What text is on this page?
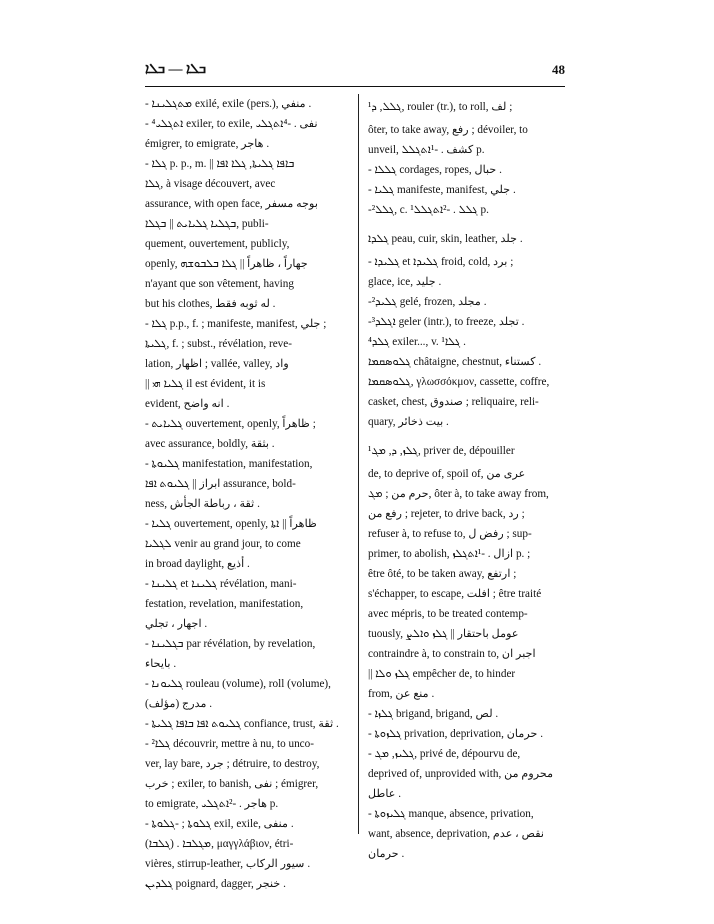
ܒܠܐ — ܒܠܐ	48
- ܡܬܓܠܝܢܐ exilé, exile (pers.), منفي .
- ⁴ܐܬܓܠܝ exiler, to exile, نفى . -⁴ܐܬܓܠܝ
émigrer, to emigrate, هاجر .
- ܓܠܐ p. p., m. || ܒܐܦܐ ܓܠܝܬܐ, ܓܠܐ ܐܦܐ
ܓܠܐ, à visage découvert, avec
assurance, with open face, بوجه مسفر
ܒܓܠܝܐ ܓܠܝܐܝܬ || ܒܓܠܐ, publi-
quement, ouvertement, publicly,
openly, جهاراً ، ظاهراً || ܓܠܐ ܒܠܒܘܫܗ
n'ayant que son vêtement, having
but his clothes, له ثوبه فقط .
- ܓܠܐ p.p., f. ; manifeste, manifest, جلي ;
ܓܠܝܬܐ, f. ; subst., révélation, reve-
lation, اظهار ; vallée, valley, واد
|| ܓܠܝܐ ܗܝ il est évident, it is
evident, انه واضح .
- ܓܠܝܐܝܬ ouvertement, openly, ظاهراً ;
avec assurance, boldly, بثقة .
- ܓܠܝܘܬܐ manifestation, manifestation,
ابراز || ܓܠܝܘܬ ܐܦܐ assurance, bold-
ness, ثقة ، رباطة الجأش .
- ܓܠܝܐ ouvertement, openly, ظاهراً || ܐܬܐ
ܠܓܠܝܐ venir au grand jour, to come
in broad daylight, أذيع .
- ܓܠܝܢܐ et ܓܠܝܢܐ révélation, mani-
festation, revelation, manifestation,
اجهار ، تجلي .
- ܒܓܠܝܢܐ par révélation, by revelation,
بايحاء .
- ܓܠܝܘܢܐ rouleau (volume), roll (volume),
مدرج (مؤلف) .
- ܓܠܝܘܬ ܐܦܐ ܒܐܦܐ ܓܠܝܬܐ confiance, trust, ثقة .
- ²ܓܠܐ découvrir, mettre à nu, to unco-
ver, lay bare, جرد ; détruire, to destroy,
خرب ; exiler, to banish, نفى ; émigrer,
to emigrate, هاجر . -²ܐܬܓܠܝ p.
- ܓܠܘܬܐ ; -ܓܠܘܬܐ exil, exile, منفى .
(ܓܠܒܐ) . ܡܓܠܒܐ, μαγγλάβιον, étri-
vières, stirrup-leather, سيور الركاب .
ܓܠܕܝܢ poignard, dagger, خنجر .
¹ܓܠܠ, ܕ, rouler (tr.), to roll, لف ;
ôter, to take away, رفع ; dévoiler, to
unveil, كشف . -¹ܐܬܓܠܠ p.
- ܓܠܠܐ cordages, ropes, حبال .
- ܓܠܝܐ manifeste, manifest, جلي .
-²ܓܠܠ, c. ¹ܓܠܠ . -²ܐܬܓܠܠ p.
ܓܠܕܐ peau, cuir, skin, leather, جلد .
- ܓܠܝܕܐ et ܓܠܝܕܐ froid, cold, برد ;
glace, ice, جليد .
-²ܓܠܝܕ gelé, frozen, مجلد .
-³ܐܓܠܕ geler (intr.), to freeze, تجلد .
⁴ܓܠܕ exiler..., v. ¹ܓܠܐ .
ܓܠܘܣܩܡܐ châtaigne, chestnut, كستناء .
ܓܠܘܣܩܡܐ, γλωσσόκμον, cassette, coffre,
casket, chest, صندوق ; reliquaire, reli-
quary, بيت ذخائر .
¹ܓܠܙ, ܕ, ܡܓ, priver de, dépouiller
de, to deprive of, spoil of, عرى من
حرم من ; ܡܓ, ôter à, to take away from,
رفع من ; rejeter, to drive back, رد ;
refuser à, to refuse to, رفض ل ; sup-
primer, to abolish, ازال . -¹ܐܬܓܠܙ p. ;
être ôté, to be taken away, ارتفع ;
s'échapper, to escape, افلت ; être traité
avec mépris, to be treated contemp-
tuously, عومل باحتقار || ܓܠܙ ܘܐܠܨ
contraindre à, to constrain to, اجبر ان
|| ܓܠܙ ܘܠܐ empêcher de, to hinder
from, منع عن .
- ܓܠܙܐ brigand, brigand, لص .
- ܓܠܙܘܬܐ privation, deprivation, حرمان .
- ܓܠܝܙ, ܡܓ, privé de, dépourvu de,
deprived of, unprovided with, محروم من
عاطل .
- ܓܠܝܙܘܬܐ manque, absence, privation,
want, absence, deprivation, نقص ، عدم
حرمان .
